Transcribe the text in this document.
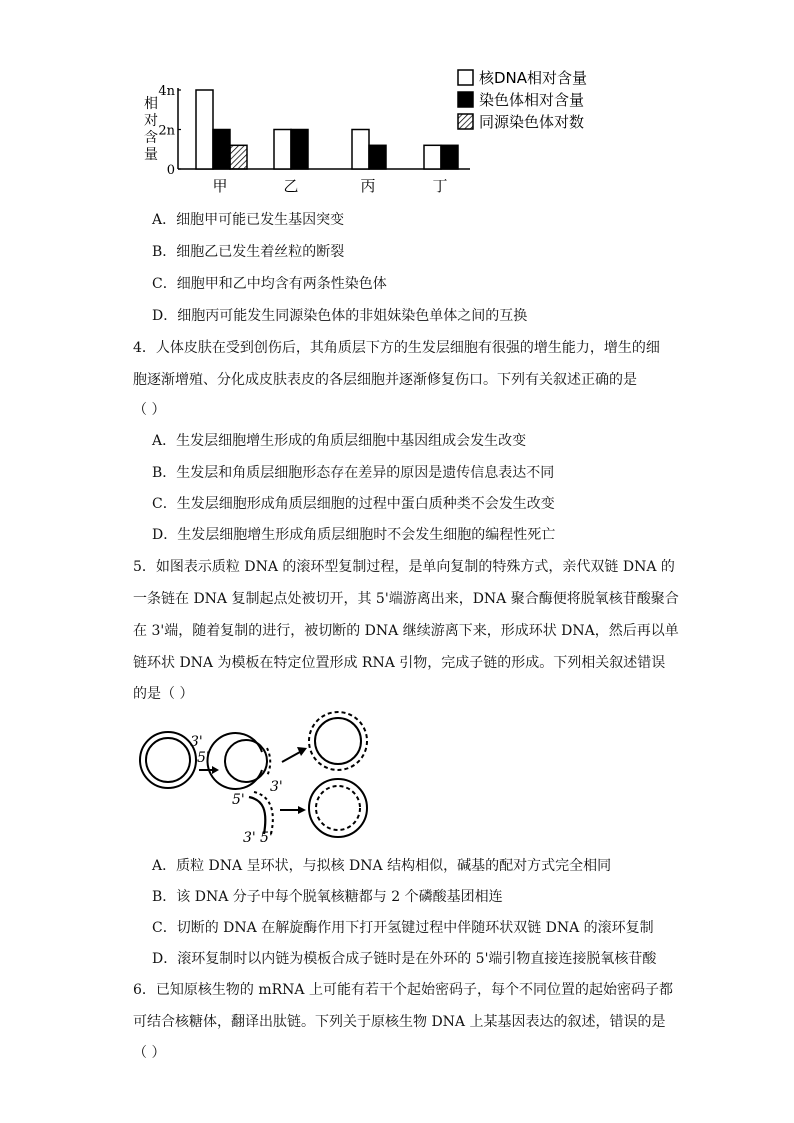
相
对
含
量
0
2n
4n
甲	乙	丙	丁
核DNA相对含量
染色体相对含量
同源染色体对数
A．细胞甲可能已发生基因突变
B．细胞乙已发生着丝粒的断裂
C．细胞甲和乙中均含有两条性染色体
D．细胞丙可能发生同源染色体的非姐妹染色单体之间的互换
4．人体皮肤在受到创伤后，其角质层下方的生发层细胞有很强的增生能力，增生的细
胞逐渐增殖、分化成皮肤表皮的各层细胞并逐渐修复伤口。下列有关叙述正确的是
（ ）
A．生发层细胞增生形成的角质层细胞中基因组成会发生改变
B．生发层和角质层细胞形态存在差异的原因是遗传信息表达不同
C．生发层细胞形成角质层细胞的过程中蛋白质种类不会发生改变
D．生发层细胞增生形成角质层细胞时不会发生细胞的编程性死亡
5．如图表示质粒 DNA 的滚环型复制过程，是单向复制的特殊方式，亲代双链 DNA 的
一条链在 DNA 复制起点处被切开，其 5'端游离出来，DNA 聚合酶便将脱氧核苷酸聚合
在 3'端，随着复制的进行，被切断的 DNA 继续游离下来，形成环状 DNA，然后再以单
链环状 DNA 为模板在特定位置形成 RNA 引物，完成子链的形成。下列相关叙述错误
的是（ ）
3'
5'
3'
5'
3' 5'
A．质粒 DNA 呈环状，与拟核 DNA 结构相似，碱基的配对方式完全相同
B．该 DNA 分子中每个脱氧核糖都与 2 个磷酸基团相连
C．切断的 DNA 在解旋酶作用下打开氢键过程中伴随环状双链 DNA 的滚环复制
D．滚环复制时以内链为模板合成子链时是在外环的 5'端引物直接连接脱氧核苷酸
6．已知原核生物的 mRNA 上可能有若干个起始密码子，每个不同位置的起始密码子都
可结合核糖体，翻译出肽链。下列关于原核生物 DNA 上某基因表达的叙述，错误的是
（ ）
